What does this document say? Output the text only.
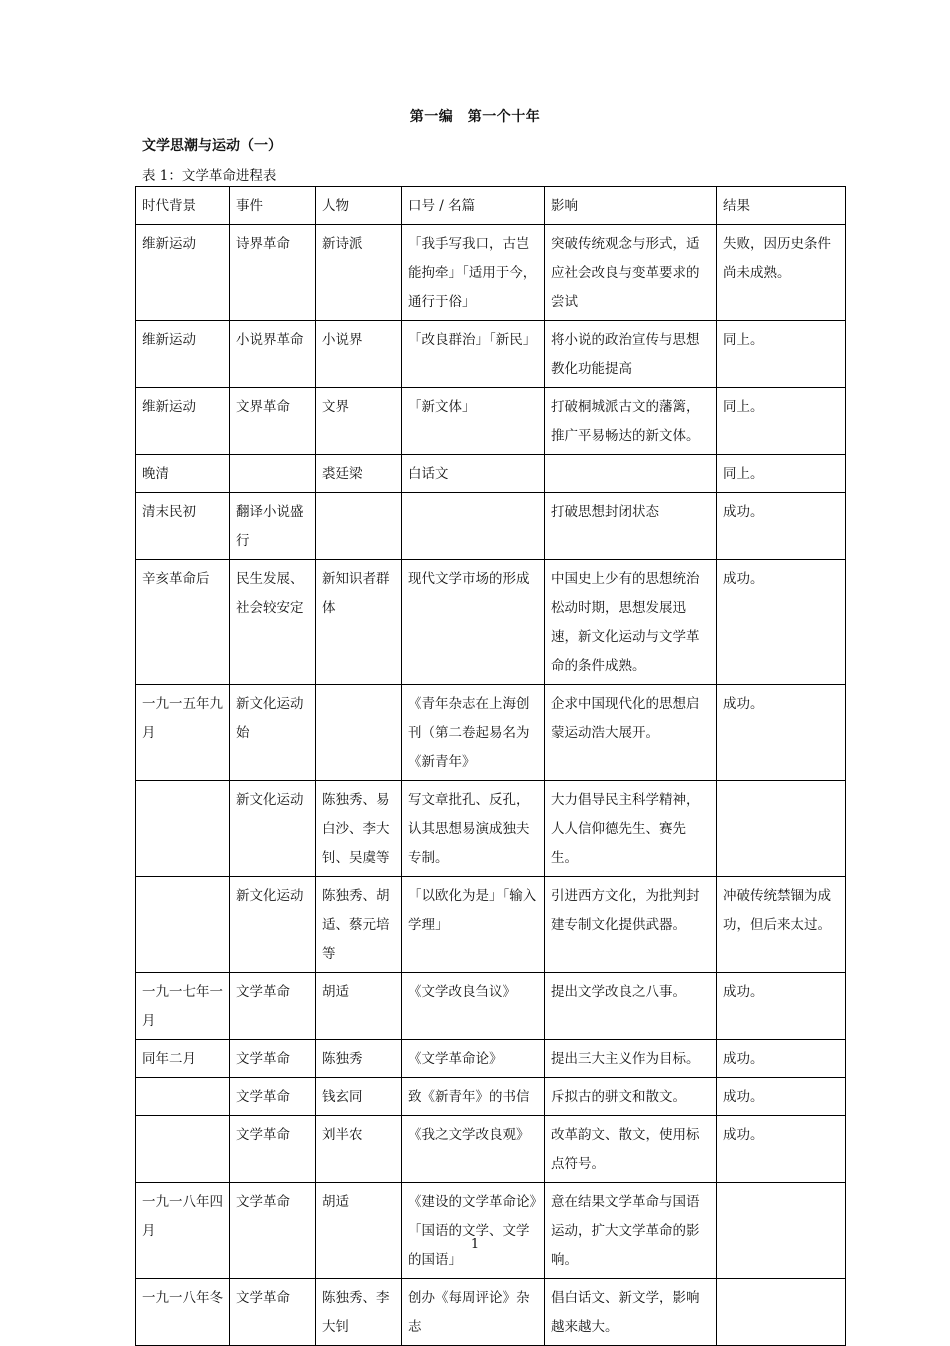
第一编　第一个十年
文学思潮与运动（一）
表 1：文学革命进程表
时代背景	事件	人物	口号 / 名篇	影响	结果
维新运动	诗界革命	新诗派	「我手写我口，古岂能拘牵」「适用于今，通行于俗」	突破传统观念与形式，适应社会改良与变革要求的尝试	失败，因历史条件尚未成熟。
维新运动	小说界革命	小说界	「改良群治」「新民」	将小说的政治宣传与思想教化功能提高	同上。
维新运动	文界革命	文界	「新文体」	打破桐城派古文的藩篱，推广平易畅达的新文体。	同上。
晚清		裘廷梁	白话文		同上。
清末民初	翻译小说盛行			打破思想封闭状态	成功。
辛亥革命后	民生发展、社会较安定	新知识者群体	现代文学市场的形成	中国史上少有的思想统治松动时期，思想发展迅速，新文化运动与文学革命的条件成熟。	成功。
一九一五年九月	新文化运动始		《青年杂志在上海创刊（第二卷起易名为《新青年》	企求中国现代化的思想启蒙运动浩大展开。	成功。
	新文化运动	陈独秀、易白沙、李大钊、吴虞等	写文章批孔、反孔，认其思想易演成独夫专制。	大力倡导民主科学精神，人人信仰德先生、赛先生。	
	新文化运动	陈独秀、胡适、蔡元培等	「以欧化为是」「输入学理」	引进西方文化，为批判封建专制文化提供武器。	冲破传统禁锢为成功，但后来太过。
一九一七年一月	文学革命	胡适	《文学改良刍议》	提出文学改良之八事。	成功。
同年二月	文学革命	陈独秀	《文学革命论》	提出三大主义作为目标。	成功。
	文学革命	钱玄同	致《新青年》的书信	斥拟古的骈文和散文。	成功。
	文学革命	刘半农	《我之文学改良观》	改革韵文、散文，使用标点符号。	成功。
一九一八年四月	文学革命	胡适	《建设的文学革命论》「国语的文学、文学的国语」	意在结果文学革命与国语运动，扩大文学革命的影响。	
一九一八年冬	文学革命	陈独秀、李大钊	创办《每周评论》杂志	倡白话文、新文学，影响越来越大。	
1
